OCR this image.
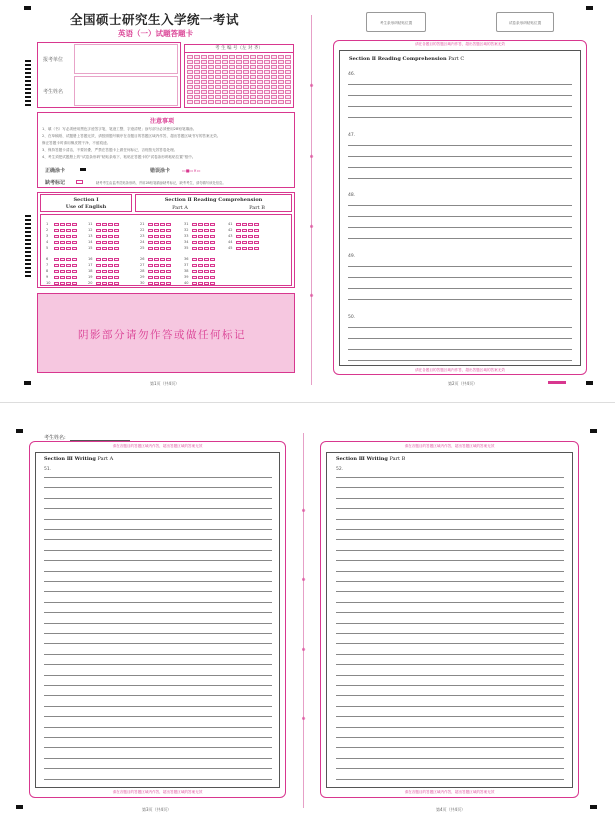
全国硕士研究生入学统一考试
英语（一）试题答题卡
报考单位
考生姓名
考 生 编 号（左 对 齐）
注意事项
1、填（书）写必须使用黑色字迹签字笔，笔迹工整，字迹清楚；涂写部分必须使用2B铅笔填涂。
2、在草稿纸、试题册上答题无效，请按照题号顺序在各题目的答题区域内作答，超出答题区域书写的答案无效。
修正答题卡时请用橡皮擦干净，不留痕迹。
3、保持答题卡清洁，不要折叠，严禁在答题卡上做任何标记，否则按无效答卷处理。
4、考生须把试题册上的“试卷条形码”粘贴条取下，粘贴在答题卡的“试卷条形码粘贴位置”框中。
正确涂卡	错误涂卡	▭■▭✕▭
缺考标记	缺考考生由监考员贴条形码，并用2B铅笔填涂缺考标记，缺考考生，请勿填写该处信息。
Section Ⅰ
Use of English
Section Ⅱ Reading Comprehension
Part A	Part B
1
2
3
4
5
6
7
8
9
10
11
12
13
14
15
16
17
18
19
20
21
22
23
24
25
26
27
28
29
30
31
32
33
34
35
36
37
38
39
40
41
42
43
44
45
阴影部分请勿作答或做任何标记
第1页（共4页）
⊕
⊕
⊕
⊕
考生条形码粘贴位置	试卷条形码粘贴位置
请在各题目的答题区域内作答，超出答题区域的答案无效
请在各题目的答题区域内作答，超出答题区域的答案无效
Section Ⅱ Reading Comprehension Part C
46.
47.
48.
49.
50.
第2页（共4页）
考生姓名:
请在各题目的答题区域内作答，超出答题区域的答案无效
请在各题目的答题区域内作答，超出答题区域的答案无效
Section Ⅲ Writing Part A
51.
⊕
⊕
⊕
⊕
请在各题目的答题区域内作答，超出答题区域的答案无效
请在各题目的答题区域内作答，超出答题区域的答案无效
Section Ⅲ Writing Part B
52.
第3页（共4页）	第4页（共4页）
